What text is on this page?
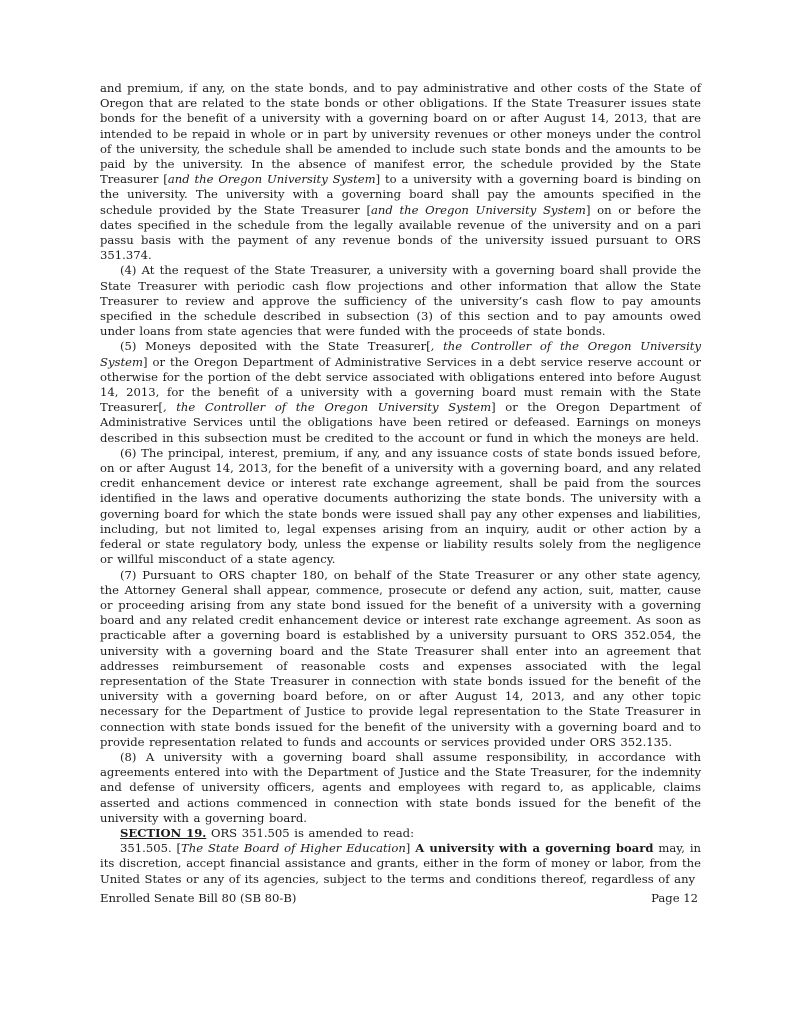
and premium, if any, on the state bonds, and to pay administrative and other costs of the State of Oregon that are related to the state bonds or other obligations. If the State Treasurer issues state bonds for the benefit of a university with a governing board on or after August 14, 2013, that are intended to be repaid in whole or in part by university revenues or other moneys under the control of the university, the schedule shall be amended to include such state bonds and the amounts to be paid by the university. In the absence of manifest error, the schedule provided by the State Treasurer [and the Oregon University System] to a university with a governing board is binding on the university. The university with a governing board shall pay the amounts specified in the schedule provided by the State Treasurer [and the Oregon University System] on or before the dates specified in the schedule from the legally available revenue of the university and on a pari passu basis with the payment of any revenue bonds of the university issued pursuant to ORS 351.374.

(4) At the request of the State Treasurer, a university with a governing board shall provide the State Treasurer with periodic cash flow projections and other information that allow the State Treasurer to review and approve the sufficiency of the university’s cash flow to pay amounts specified in the schedule described in subsection (3) of this section and to pay amounts owed under loans from state agencies that were funded with the proceeds of state bonds.

(5) Moneys deposited with the State Treasurer[, the Controller of the Oregon University System] or the Oregon Department of Administrative Services in a debt service reserve account or otherwise for the portion of the debt service associated with obligations entered into before August 14, 2013, for the benefit of a university with a governing board must remain with the State Treasurer[, the Controller of the Oregon University System] or the Oregon Department of Administrative Services until the obligations have been retired or defeased. Earnings on moneys described in this subsection must be credited to the account or fund in which the moneys are held.

(6) The principal, interest, premium, if any, and any issuance costs of state bonds issued before, on or after August 14, 2013, for the benefit of a university with a governing board, and any related credit enhancement device or interest rate exchange agreement, shall be paid from the sources identified in the laws and operative documents authorizing the state bonds. The university with a governing board for which the state bonds were issued shall pay any other expenses and liabilities, including, but not limited to, legal expenses arising from an inquiry, audit or other action by a federal or state regulatory body, unless the expense or liability results solely from the negligence or willful misconduct of a state agency.

(7) Pursuant to ORS chapter 180, on behalf of the State Treasurer or any other state agency, the Attorney General shall appear, commence, prosecute or defend any action, suit, matter, cause or proceeding arising from any state bond issued for the benefit of a university with a governing board and any related credit enhancement device or interest rate exchange agreement. As soon as practicable after a governing board is established by a university pursuant to ORS 352.054, the university with a governing board and the State Treasurer shall enter into an agreement that addresses reimbursement of reasonable costs and expenses associated with the legal representation of the State Treasurer in connection with state bonds issued for the benefit of the university with a governing board before, on or after August 14, 2013, and any other topic necessary for the Department of Justice to provide legal representation to the State Treasurer in connection with state bonds issued for the benefit of the university with a governing board and to provide representation related to funds and accounts or services provided under ORS 352.135.

(8) A university with a governing board shall assume responsibility, in accordance with agreements entered into with the Department of Justice and the State Treasurer, for the indemnity and defense of university officers, agents and employees with regard to, as applicable, claims asserted and actions commenced in connection with state bonds issued for the benefit of the university with a governing board.

SECTION 19. ORS 351.505 is amended to read:

351.505. [The State Board of Higher Education] A university with a governing board may, in its discretion, accept financial assistance and grants, either in the form of money or labor, from the United States or any of its agencies, subject to the terms and conditions thereof, regardless of any

Enrolled Senate Bill 80 (SB 80-B)	Page 12
